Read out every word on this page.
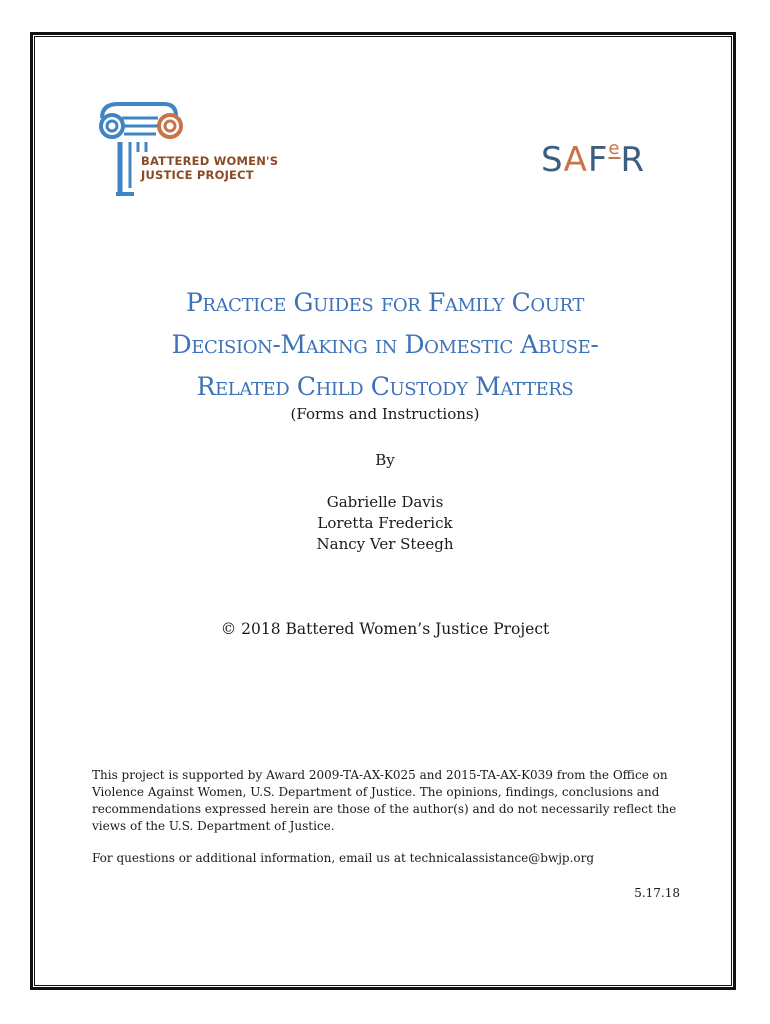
BATTERED WOMEN'S
JUSTICE PROJECT	SAFeR
Practice Guides for Family Court
Decision-Making in Domestic Abuse-
Related Child Custody Matters
(Forms and Instructions)
By
Gabrielle Davis
Loretta Frederick
Nancy Ver Steegh
© 2018 Battered Women’s Justice Project
This project is supported by Award 2009-TA-AX-K025 and 2015-TA-AX-K039 from the Office on
Violence Against Women, U.S. Department of Justice. The opinions, findings, conclusions and
recommendations expressed herein are those of the author(s) and do not necessarily reflect the
views of the U.S. Department of Justice.
For questions or additional information, email us at technicalassistance@bwjp.org
5.17.18
